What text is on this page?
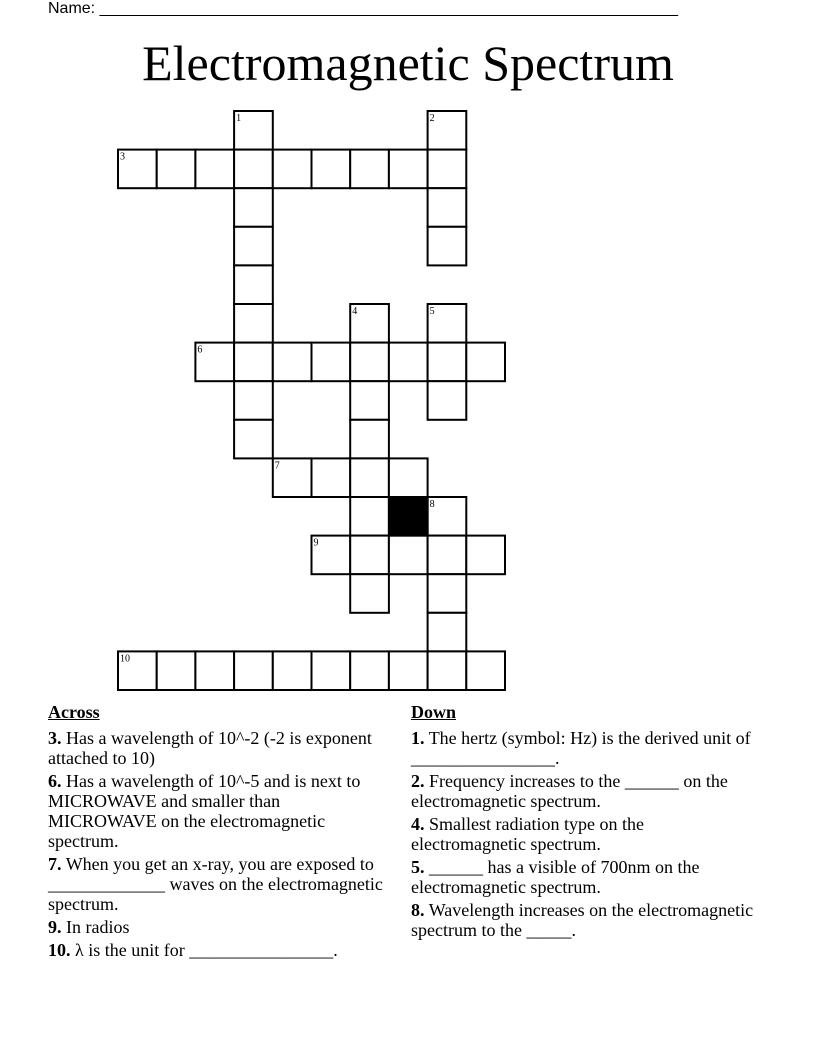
Name: _________________________________________________________________
Electromagnetic Spectrum
1	2
3
4	5
6
7
8
9
10
Across
3. Has a wavelength of 10^-2 (-2 is exponent attached to 10)
6. Has a wavelength of 10^-5 and is next to MICROWAVE and smaller than MICROWAVE on the electromagnetic spectrum.
7. When you get an x-ray, you are exposed to _____________ waves on the electromagnetic spectrum.
9. In radios
10. λ is the unit for ________________.
Down
1. The hertz (symbol: Hz) is the derived unit of ________________.
2. Frequency increases to the ______ on the electromagnetic spectrum.
4. Smallest radiation type on the electromagnetic spectrum.
5. ______ has a visible of 700nm on the electromagnetic spectrum.
8. Wavelength increases on the electromagnetic spectrum to the _____.
